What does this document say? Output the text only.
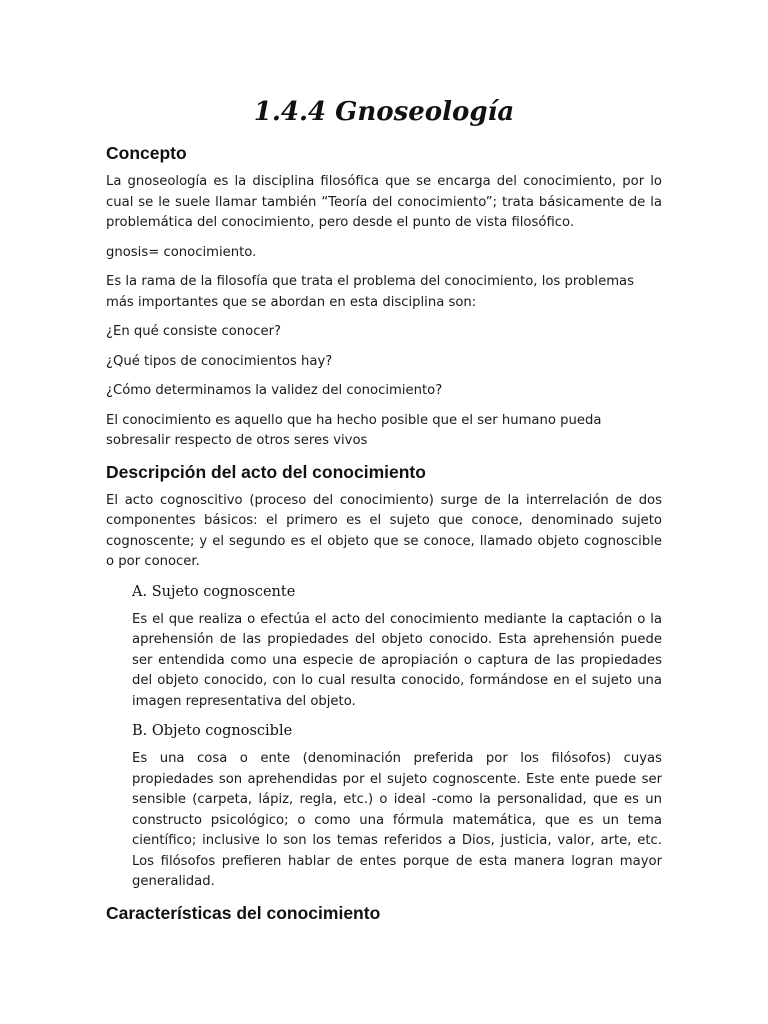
1.4.4 Gnoseología
Concepto

La gnoseología es la disciplina filosófica que se encarga del conocimiento, por lo cual se le suele llamar también “Teoría del conocimiento”; trata básicamente de la problemática del conocimiento, pero desde el punto de vista filosófico.

gnosis= conocimiento.

Es la rama de la filosofía que trata el problema del conocimiento, los problemas más importantes que se abordan en esta disciplina son:

¿En qué consiste conocer?

¿Qué tipos de conocimientos hay?

¿Cómo determinamos la validez del conocimiento?

El conocimiento es aquello que ha hecho posible que el ser humano pueda sobresalir respecto de otros seres vivos

Descripción del acto del conocimiento

El acto cognoscitivo (proceso del conocimiento) surge de la interrelación de dos componentes básicos: el primero es el sujeto que conoce, denominado sujeto cognoscente; y el segundo es el objeto que se conoce, llamado objeto cognoscible o por conocer.

A. Sujeto cognoscente

Es el que realiza o efectúa el acto del conocimiento mediante la captación o la aprehensión de las propiedades del objeto conocido. Esta aprehensión puede ser entendida como una especie de apropiación o captura de las propiedades del objeto conocido, con lo cual resulta conocido, formándose en el sujeto una imagen representativa del objeto.

B. Objeto cognoscible

Es una cosa o ente (denominación preferida por los filósofos) cuyas propiedades son aprehendidas por el sujeto cognoscente. Este ente puede ser sensible (carpeta, lápiz, regla, etc.) o ideal -como la personalidad, que es un constructo psicológico; o como una fórmula matemática, que es un tema científico; inclusive lo son los temas referidos a Dios, justicia, valor, arte, etc. Los filósofos prefieren hablar de entes porque de esta manera logran mayor generalidad.

Características del conocimiento
